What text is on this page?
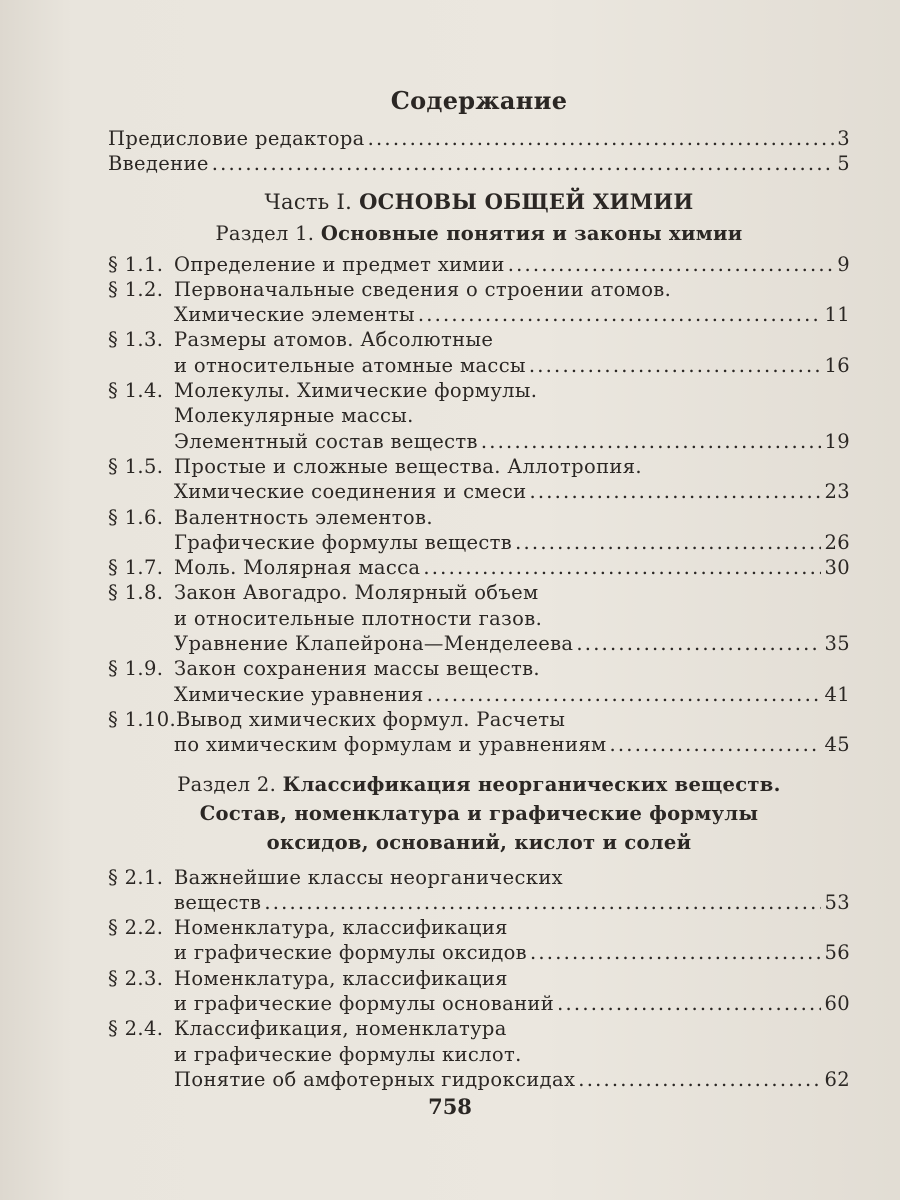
Содержание
Предисловие редактора . . .	3
Введение . . .	5
Часть I. ОСНОВЫ ОБЩЕЙ ХИМИИ
Раздел 1. Основные понятия и законы химии
§ 1.1. Определение и предмет химии . . .	9
§ 1.2. Первоначальные сведения о строении атомов.
Химические элементы . . .	11
§ 1.3. Размеры атомов. Абсолютные
и относительные атомные массы . . .	16
§ 1.4. Молекулы. Химические формулы.
Молекулярные массы.
Элементный состав веществ . . .	19
§ 1.5. Простые и сложные вещества. Аллотропия.
Химические соединения и смеси . . .	23
§ 1.6. Валентность элементов.
Графические формулы веществ . . .	26
§ 1.7. Моль. Молярная масса . . .	30
§ 1.8. Закон Авогадро. Молярный объем
и относительные плотности газов.
Уравнение Клапейрона—Менделеева . . .	35
§ 1.9. Закон сохранения массы веществ.
Химические уравнения . . .	41
§ 1.10. Вывод химических формул. Расчеты
по химическим формулам и уравнениям . . .	45
Раздел 2. Классификация неорганических веществ.
Состав, номенклатура и графические формулы
оксидов, оснований, кислот и солей
§ 2.1. Важнейшие классы неорганических
веществ . . .	53
§ 2.2. Номенклатура, классификация
и графические формулы оксидов . . .	56
§ 2.3. Номенклатура, классификация
и графические формулы оснований . . .	60
§ 2.4. Классификация, номенклатура
и графические формулы кислот.
Понятие об амфотерных гидроксидах . . .	62
758
